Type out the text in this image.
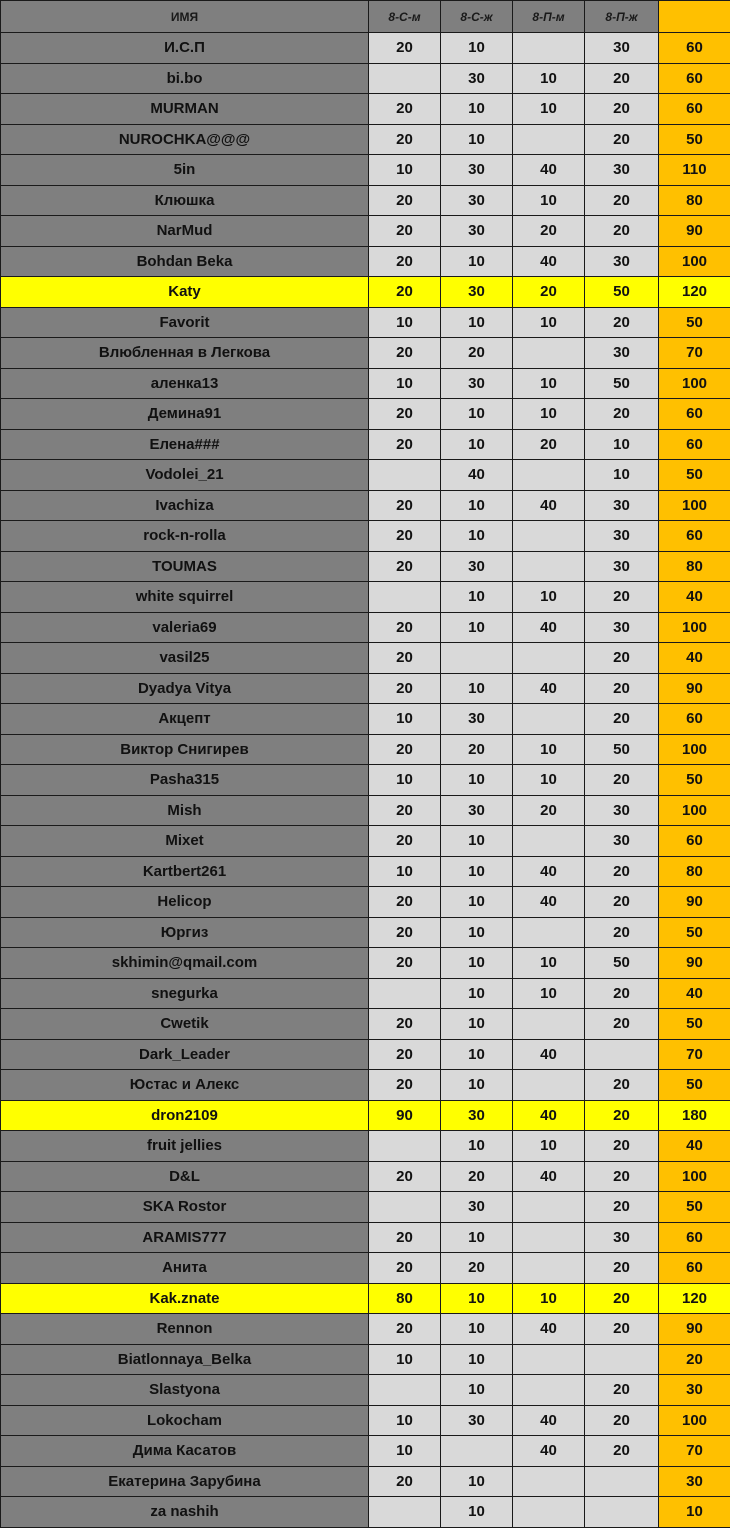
ИМЯ	8-С-м	8-С-ж	8-П-м	8-П-ж	
И.С.П	20	10		30	60
bi.bo		30	10	20	60
MURMAN	20	10	10	20	60
NUROCHKA@@@	20	10		20	50
5in	10	30	40	30	110
Клюшка	20	30	10	20	80
NarMud	20	30	20	20	90
Bohdan Beka	20	10	40	30	100
Katy	20	30	20	50	120
Favorit	10	10	10	20	50
Влюбленная в Легкова	20	20		30	70
аленка13	10	30	10	50	100
Демина91	20	10	10	20	60
Елена###	20	10	20	10	60
Vodolei_21		40		10	50
Ivachiza	20	10	40	30	100
rock-n-rolla	20	10		30	60
TOUMAS	20	30		30	80
white squirrel		10	10	20	40
valeria69	20	10	40	30	100
vasil25	20			20	40
Dyadya Vitya	20	10	40	20	90
Акцепт	10	30		20	60
Виктор Снигирев	20	20	10	50	100
Pasha315	10	10	10	20	50
Mish	20	30	20	30	100
Mixet	20	10		30	60
Kartbert261	10	10	40	20	80
Helicop	20	10	40	20	90
Юргиз	20	10		20	50
skhimin@qmail.com	20	10	10	50	90
snegurka		10	10	20	40
Cwetik	20	10		20	50
Dark_Leader	20	10	40		70
Юстас и Алекс	20	10		20	50
dron2109	90	30	40	20	180
fruit jellies		10	10	20	40
D&L	20	20	40	20	100
SKA Rostor		30		20	50
ARAMIS777	20	10		30	60
Анита	20	20		20	60
Kak.znate	80	10	10	20	120
Rennon	20	10	40	20	90
Biatlonnaya_Belka	10	10			20
Slastyona		10		20	30
Lokocham	10	30	40	20	100
Дима Касатов	10		40	20	70
Екатерина Зарубина	20	10			30
za nashih		10			10
